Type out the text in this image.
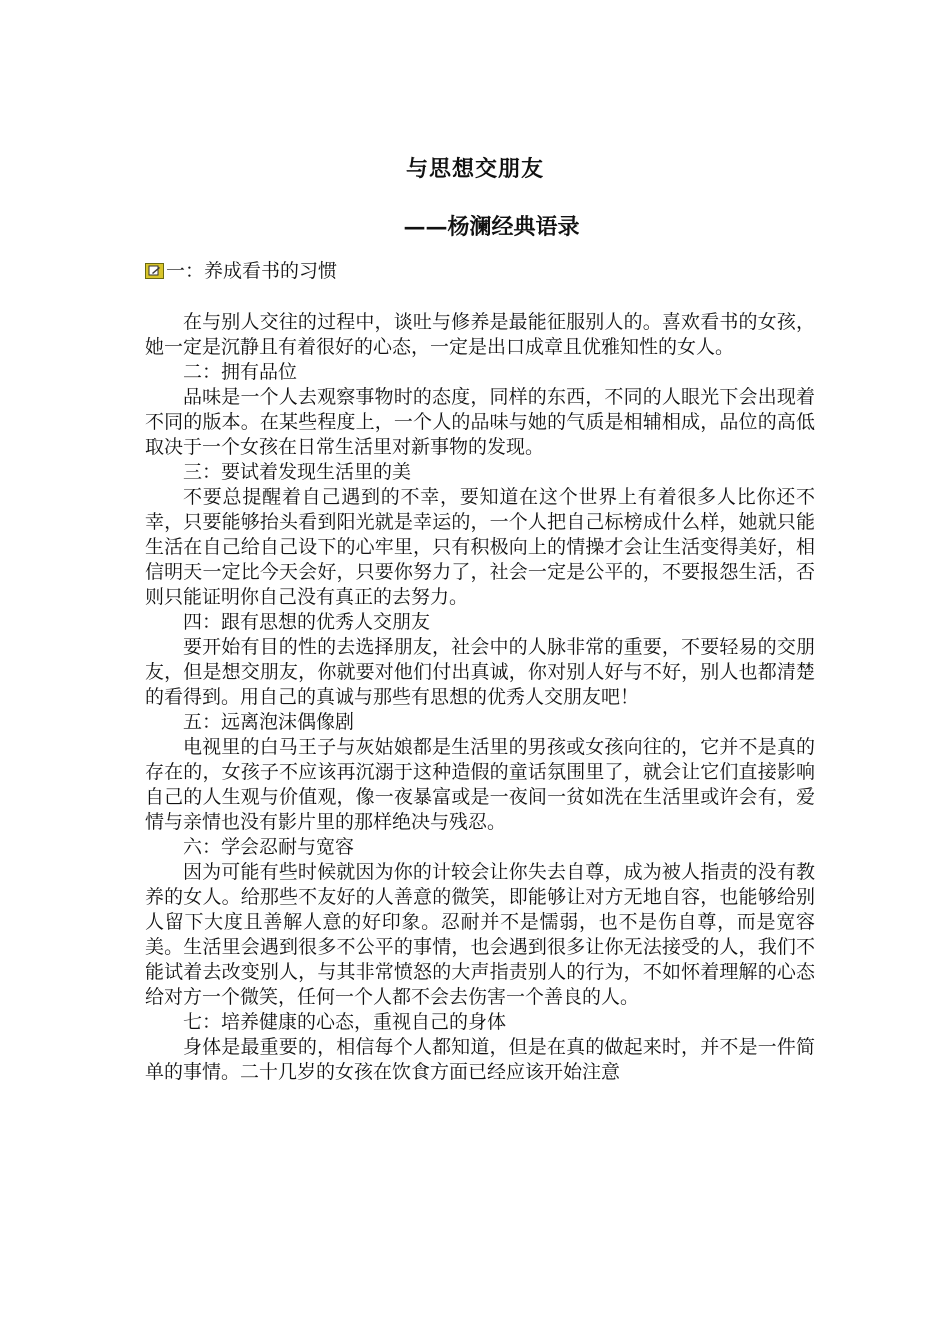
与思想交朋友
——杨澜经典语录
一：养成看书的习惯

在与别人交往的过程中，谈吐与修养是最能征服别人的。喜欢看书的女孩，她一定是沉静且有着很好的心态，一定是出口成章且优雅知性的女人。

二：拥有品位

品味是一个人去观察事物时的态度，同样的东西，不同的人眼光下会出现着不同的版本。在某些程度上，一个人的品味与她的气质是相辅相成，品位的高低取决于一个女孩在日常生活里对新事物的发现。

三：要试着发现生活里的美

不要总提醒着自己遇到的不幸，要知道在这个世界上有着很多人比你还不幸，只要能够抬头看到阳光就是幸运的，一个人把自己标榜成什么样，她就只能生活在自己给自己设下的心牢里，只有积极向上的情操才会让生活变得美好，相信明天一定比今天会好，只要你努力了，社会一定是公平的，不要报怨生活，否则只能证明你自己没有真正的去努力。

四：跟有思想的优秀人交朋友

要开始有目的性的去选择朋友，社会中的人脉非常的重要，不要轻易的交朋友，但是想交朋友，你就要对他们付出真诚，你对别人好与不好，别人也都清楚的看得到。用自己的真诚与那些有思想的优秀人交朋友吧！

五：远离泡沫偶像剧

电视里的白马王子与灰姑娘都是生活里的男孩或女孩向往的，它并不是真的存在的，女孩子不应该再沉溺于这种造假的童话氛围里了，就会让它们直接影响自己的人生观与价值观，像一夜暴富或是一夜间一贫如洗在生活里或许会有，爱情与亲情也没有影片里的那样绝决与残忍。

六：学会忍耐与宽容

因为可能有些时候就因为你的计较会让你失去自尊，成为被人指责的没有教养的女人。给那些不友好的人善意的微笑，即能够让对方无地自容，也能够给别人留下大度且善解人意的好印象。忍耐并不是懦弱，也不是伤自尊，而是宽容美。生活里会遇到很多不公平的事情，也会遇到很多让你无法接受的人，我们不能试着去改变别人，与其非常愤怒的大声指责别人的行为，不如怀着理解的心态给对方一个微笑，任何一个人都不会去伤害一个善良的人。

七：培养健康的心态，重视自己的身体

身体是最重要的，相信每个人都知道，但是在真的做起来时，并不是一件简单的事情。二十几岁的女孩在饮食方面已经应该开始注意
